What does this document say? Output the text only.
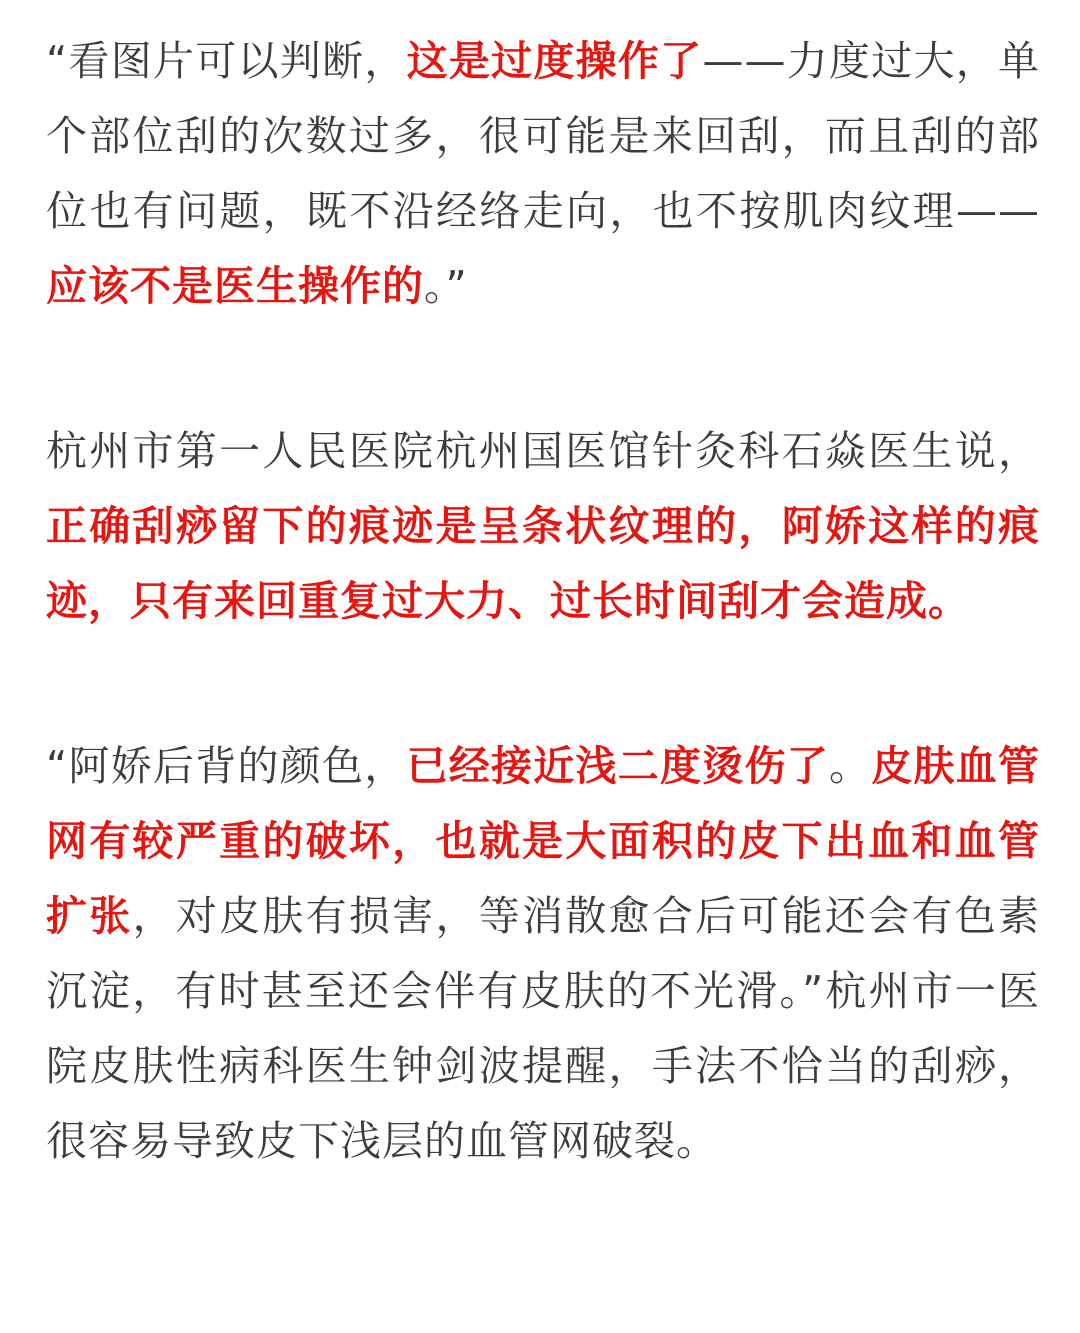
“看图片可以判断，这是过度操作了——力度过大，单个部位刮的次数过多，很可能是来回刮，而且刮的部位也有问题，既不沿经络走向，也不按肌肉纹理——应该不是医生操作的。”

杭州市第一人民医院杭州国医馆针灸科石焱医生说，正确刮痧留下的痕迹是呈条状纹理的，阿娇这样的痕迹，只有来回重复过大力、过长时间刮才会造成。

“阿娇后背的颜色，已经接近浅二度烫伤了。皮肤血管网有较严重的破坏，也就是大面积的皮下出血和血管扩张，对皮肤有损害，等消散愈合后可能还会有色素沉淀，有时甚至还会伴有皮肤的不光滑。”杭州市一医院皮肤性病科医生钟剑波提醒，手法不恰当的刮痧，很容易导致皮下浅层的血管网破裂。
